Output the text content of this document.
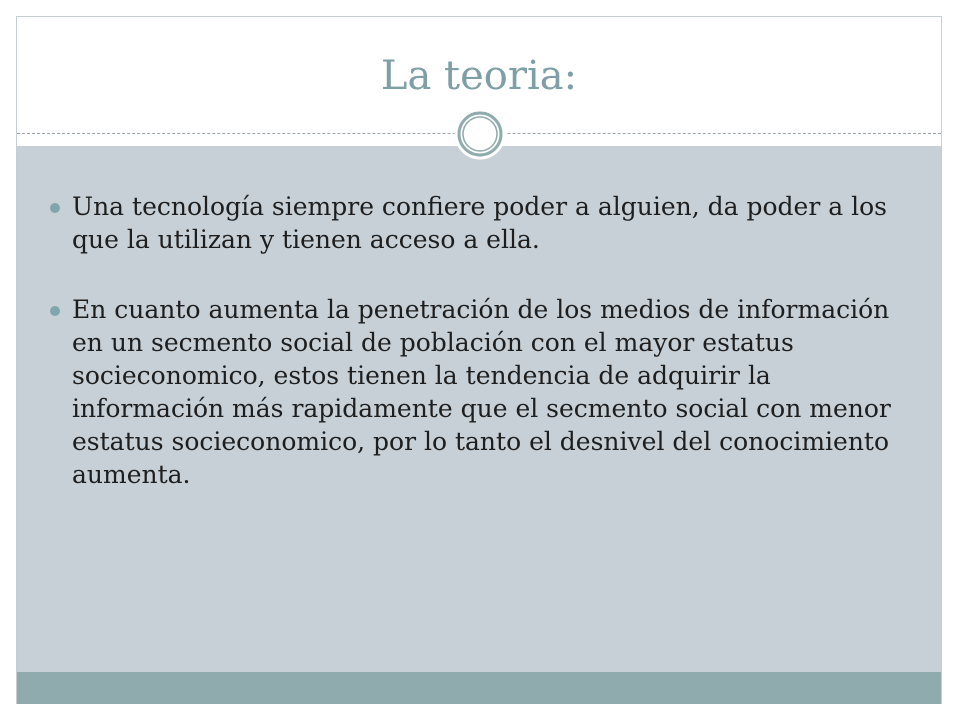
La teoria:
Una tecnología siempre confiere poder a alguien, da poder a los que la utilizan y tienen acceso a ella.
En cuanto aumenta la penetración de los medios de información en un secmento social de población con el mayor estatus socieconomico, estos tienen la tendencia de adquirir la información más rapidamente que el secmento social con menor estatus socieconomico, por lo tanto el desnivel del conocimiento aumenta.
